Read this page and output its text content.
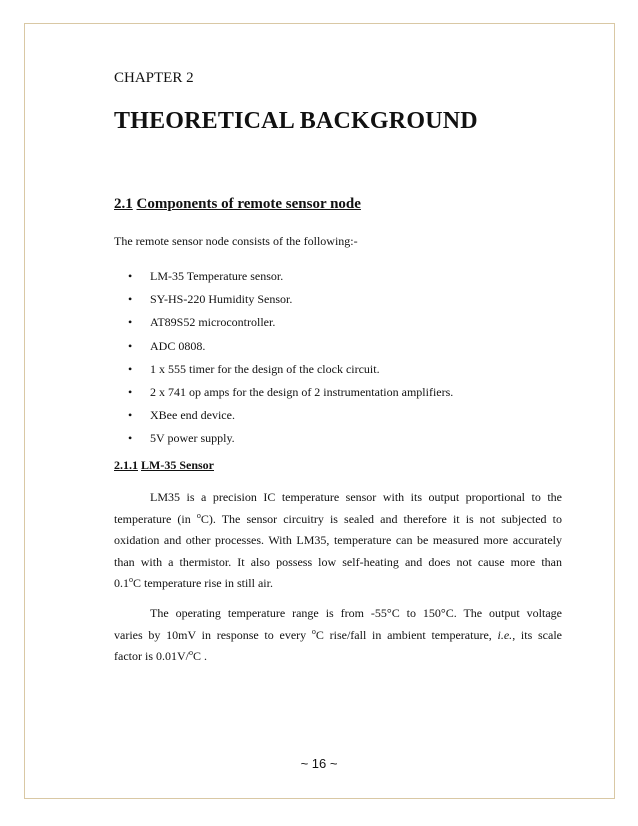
CHAPTER 2
THEORETICAL BACKGROUND
2.1 Components of remote sensor node
The remote sensor node consists of the following:-
• LM-35 Temperature sensor.
• SY-HS-220 Humidity Sensor.
• AT89S52 microcontroller.
• ADC 0808.
• 1 x 555 timer for the design of the clock circuit.
• 2 x 741 op amps for the design of 2 instrumentation amplifiers.
• XBee end device.
• 5V power supply.
2.1.1 LM-35 Sensor
LM35 is a precision IC temperature sensor with its output proportional to the
temperature (in $^o$C). The sensor circuitry is sealed and therefore it is not subjected to
oxidation and other processes. With LM35, temperature can be measured more accurately
than with a thermistor. It also possess low self-heating and does not cause more than
0.1$^o$C temperature rise in still air.
The operating temperature range is from -55°C to 150°C. The output voltage
varies by 10mV in response to every $^o$C rise/fall in ambient temperature, i.e., its scale
factor is 0.01V/$^o$C .
~ 16 ~
